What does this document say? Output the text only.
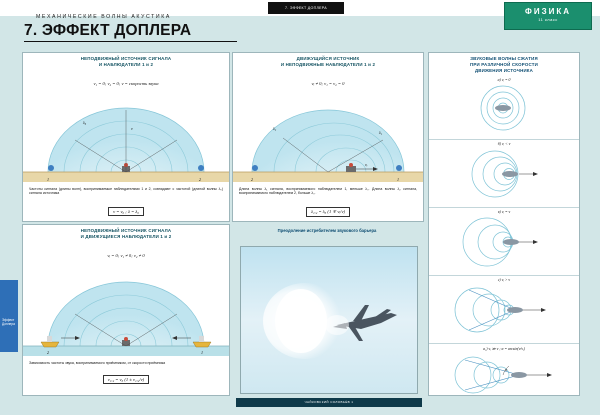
7. ЭФФЕКТ ДОПЛЕРА	ФИЗИКА
11 класс
МЕХАНИЧЕСКИЕ ВОЛНЫ АКУСТИКА
7. ЭФФЕКТ ДОПЛЕРА
Эффект Доплера
НЕПОДВИЖНЫЙ ИСТОЧНИК СИГНАЛА
И НАБЛЮДАТЕЛИ 1 и 2
v₁ = 0; v₂ = 0; v = скорость звука
1	2
v
λ₀
Частоты сигнала (длины волн), воспринимаемые наблюдателями 1 и 2, совпадают с частотой (длиной волны λ₀) сигнала источника
ν = ν₀ ; λ = λ₀
ДВИЖУЩИЙСЯ ИСТОЧНИК
И НЕПОДВИЖНЫЕ НАБЛЮДАТЕЛИ 1 и 2
vᵢ ≠ 0; v₁ = v₂ = 0
vᵢ
2	1
λ₂
λ₁
Длина волны λ₁ сигнала, воспринимаемого наблюдателем 1, меньше λ₀. Длина волны λ₂ сигнала, воспринимаемого наблюдателем 2, больше λ₀.
λ₁,₂ = λ₀ (1 ∓ vᵢ/v)
НЕПОДВИЖНЫЙ ИСТОЧНИК СИГНАЛА
И ДВИЖУЩИЕСЯ НАБЛЮДАТЕЛИ 1 и 2
vᵢ = 0; v₁ ≠ 0; v₂ ≠ 0
2	1
Зависимость частоты звука, воспринимаемого приёмником, от скорости приёмника
ν₁,₂ = ν₀ (1 ± v₁,₂/v)
Преодоление истребителем звукового барьера
ЧАЙКОВСКИЙ СОЛОВЬЁВ 1
ЗВУКОВЫЕ ВОЛНЫ СЖАТИЯ
ПРИ РАЗЛИЧНОЙ СКОРОСТИ
ДВИЖЕНИЯ ИСТОЧНИКА
a) vᵢ = 0
б) vᵢ < v
в) vᵢ = v
г) vᵢ > v
a₁) vᵢ ≫ v ; α = arcsin(v/vᵢ)
α
